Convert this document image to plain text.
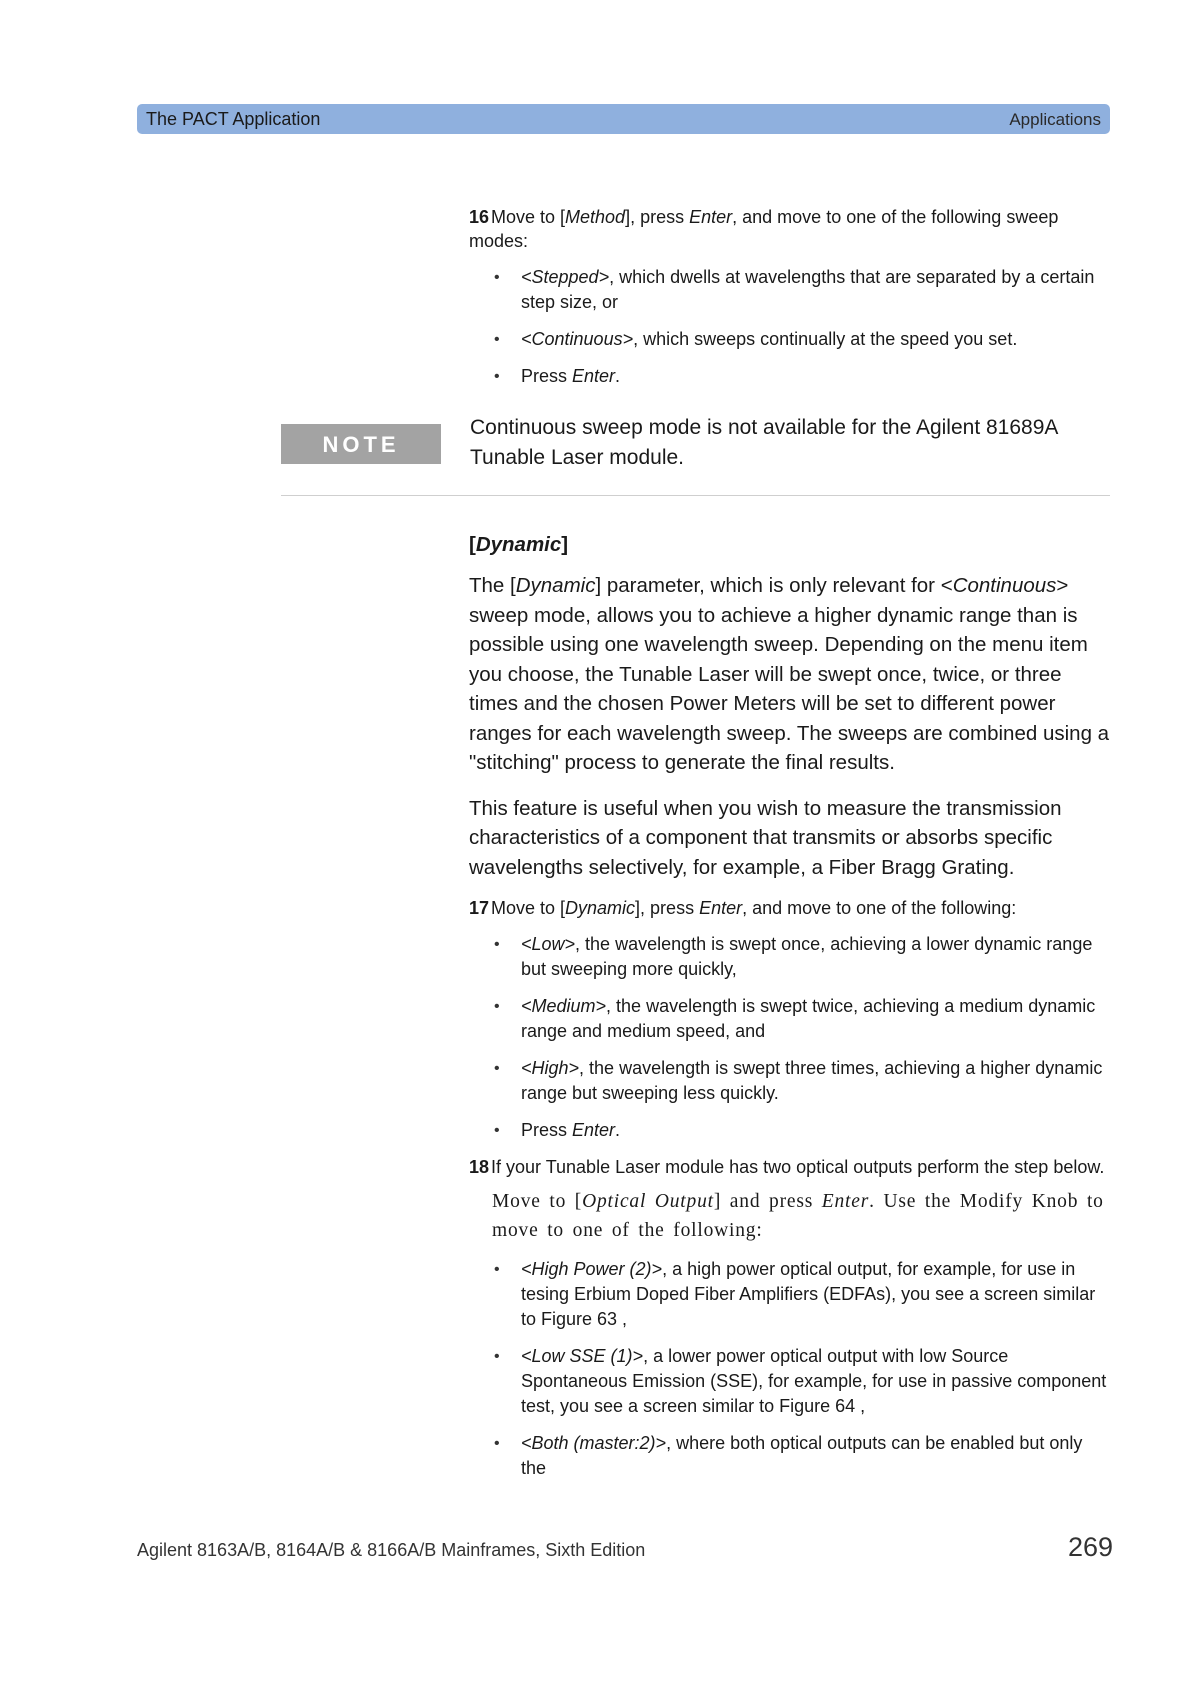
The PACT Application	Applications

16 Move to [Method], press Enter, and move to one of the following sweep modes:

• <Stepped>, which dwells at wavelengths that are separated by a certain step size, or
• <Continuous>, which sweeps continually at the speed you set.
• Press Enter.
NOTE
Continuous sweep mode is not available for the Agilent 81689A Tunable Laser module.

[Dynamic]

The [Dynamic] parameter, which is only relevant for <Continuous> sweep mode, allows you to achieve a higher dynamic range than is possible using one wavelength sweep. Depending on the menu item you choose, the Tunable Laser will be swept once, twice, or three times and the chosen Power Meters will be set to different power ranges for each wavelength sweep. The sweeps are combined using a "stitching" process to generate the final results.

This feature is useful when you wish to measure the transmission characteristics of a component that transmits or absorbs specific wavelengths selectively, for example, a Fiber Bragg Grating.

17 Move to [Dynamic], press Enter, and move to one of the following:

• <Low>, the wavelength is swept once, achieving a lower dynamic range but sweeping more quickly,
• <Medium>, the wavelength is swept twice, achieving a medium dynamic range and medium speed, and
• <High>, the wavelength is swept three times, achieving a higher dynamic range but sweeping less quickly.
• Press Enter.

18 If your Tunable Laser module has two optical outputs perform the step below.

Move to [Optical Output] and press Enter. Use the Modify Knob to move to one of the following:

• <High Power (2)>, a high power optical output, for example, for use in tesing Erbium Doped Fiber Amplifiers (EDFAs), you see a screen similar to Figure 63 ,
• <Low SSE (1)>, a lower power optical output with low Source Spontaneous Emission (SSE), for example, for use in passive component test, you see a screen similar to Figure 64 ,
• <Both (master:2)>, where both optical outputs can be enabled but only the
Agilent 8163A/B, 8164A/B & 8166A/B Mainframes, Sixth Edition	269
